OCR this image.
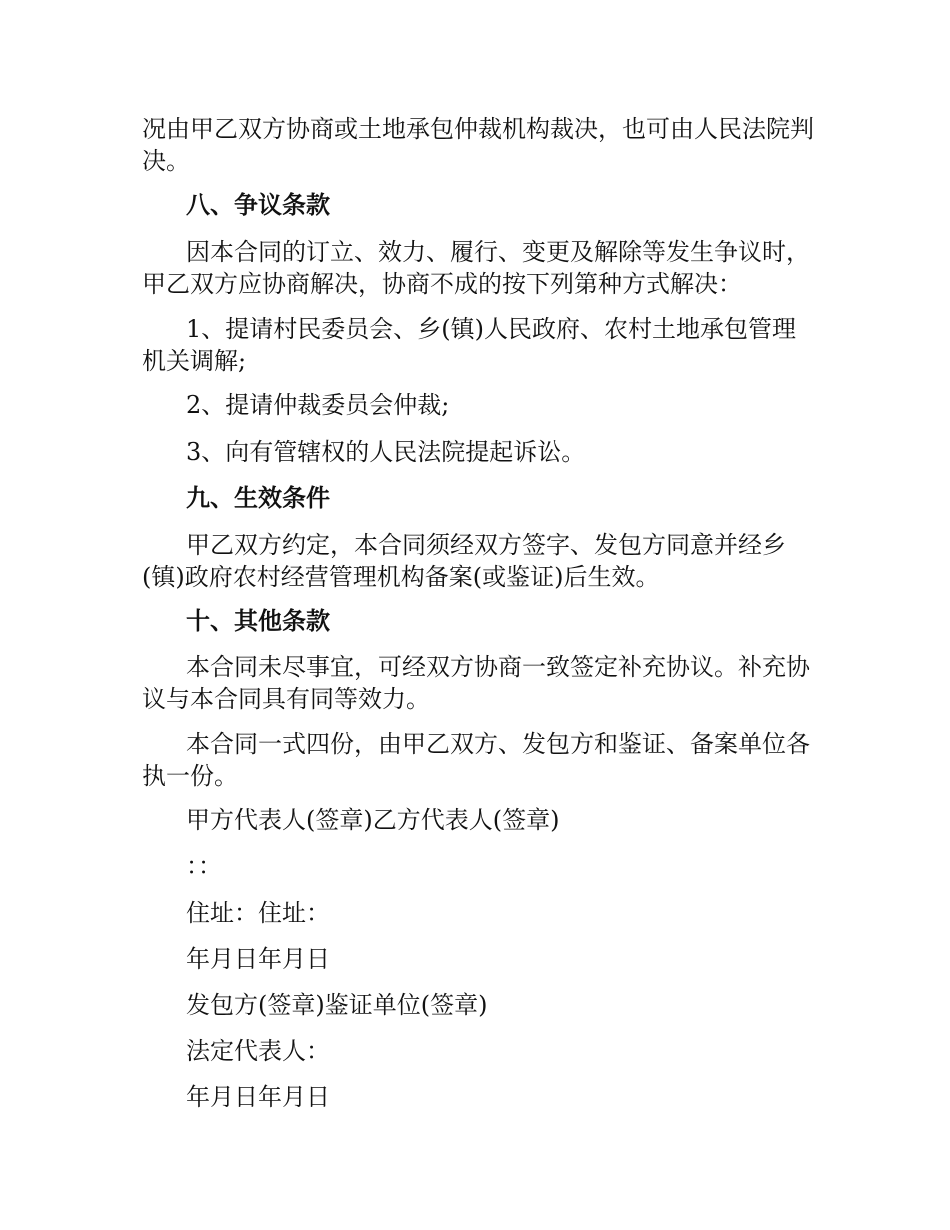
况由甲乙双方协商或土地承包仲裁机构裁决，也可由人民法院判决。

八、争议条款

因本合同的订立、效力、履行、变更及解除等发生争议时，甲乙双方应协商解决，协商不成的按下列第种方式解决：

1、提请村民委员会、乡(镇)人民政府、农村土地承包管理机关调解;

2、提请仲裁委员会仲裁;

3、向有管辖权的人民法院提起诉讼。

九、生效条件

甲乙双方约定，本合同须经双方签字、发包方同意并经乡(镇)政府农村经营管理机构备案(或鉴证)后生效。

十、其他条款

本合同未尽事宜，可经双方协商一致签定补充协议。补充协议与本合同具有同等效力。

本合同一式四份，由甲乙双方、发包方和鉴证、备案单位各执一份。

甲方代表人(签章)乙方代表人(签章)

：：

住址：住址：

年月日年月日

发包方(签章)鉴证单位(签章)

法定代表人：

年月日年月日
